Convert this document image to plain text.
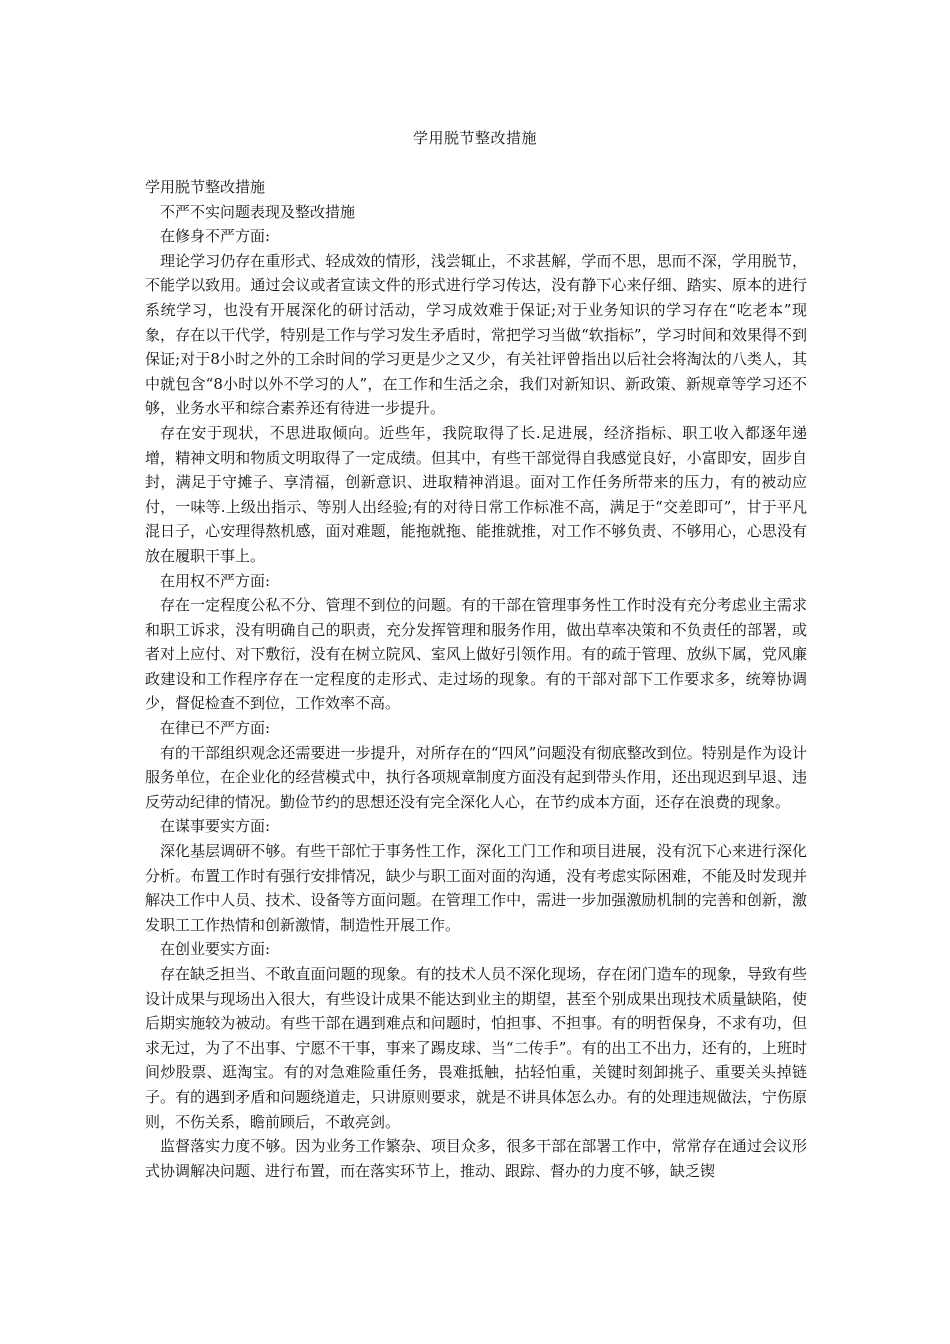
学用脱节整改措施

学用脱节整改措施

不严不实问题表现及整改措施

在修身不严方面:

理论学习仍存在重形式、轻成效的情形，浅尝辄止，不求甚解，学而不思，思而不深，学用脱节，不能学以致用。通过会议或者宣读文件的形式进行学习传达，没有静下心来仔细、踏实、原本的进行系统学习，也没有开展深化的研讨活动，学习成效难于保证;对于业务知识的学习存在“吃老本”现象，存在以干代学，特别是工作与学习发生矛盾时，常把学习当做“软指标”，学习时间和效果得不到保证;对于8小时之外的工余时间的学习更是少之又少，有关社评曾指出以后社会将淘汰的八类人，其中就包含“8小时以外不学习的人”，在工作和生活之余，我们对新知识、新政策、新规章等学习还不够，业务水平和综合素养还有待进一步提升。

存在安于现状，不思进取倾向。近些年，我院取得了长.足进展，经济指标、职工收入都逐年递增，精神文明和物质文明取得了一定成绩。但其中，有些干部觉得自我感觉良好，小富即安，固步自封，满足于守摊子、享清福，创新意识、进取精神消退。面对工作任务所带来的压力，有的被动应付，一味等.上级出指示、等别人出经验;有的对待日常工作标准不高，满足于“交差即可”，甘于平凡混日子，心安理得熬机感，面对难题，能拖就拖、能推就推，对工作不够负责、不够用心，心思没有放在履职干事上。

在用权不严方面:

存在一定程度公私不分、管理不到位的问题。有的干部在管理事务性工作时没有充分考虑业主需求和职工诉求，没有明确自己的职责，充分发挥管理和服务作用，做出草率决策和不负责任的部署，或者对上应付、对下敷衍，没有在树立院风、室风上做好引领作用。有的疏于管理、放纵下属，党风廉政建设和工作程序存在一定程度的走形式、走过场的现象。有的干部对部下工作要求多，统筹协调少，督促检查不到位，工作效率不高。

在律已不严方面:

有的干部组织观念还需要进一步提升，对所存在的“四风”问题没有彻底整改到位。特别是作为设计服务单位，在企业化的经营模式中，执行各项规章制度方面没有起到带头作用，还出现迟到早退、违反劳动纪律的情况。勤俭节约的思想还没有完全深化人心，在节约成本方面，还存在浪费的现象。

在谋事要实方面:

深化基层调研不够。有些干部忙于事务性工作，深化工门工作和项目进展，没有沉下心来进行深化分析。布置工作时有强行安排情况，缺少与职工面对面的沟通，没有考虑实际困难，不能及时发现并解决工作中人员、技术、设备等方面问题。在管理工作中，需进一步加强激励机制的完善和创新，激发职工工作热情和创新激情，制造性开展工作。

在创业要实方面:

存在缺乏担当、不敢直面问题的现象。有的技术人员不深化现场，存在闭门造车的现象，导致有些设计成果与现场出入很大，有些设计成果不能达到业主的期望，甚至个别成果出现技术质量缺陷，使后期实施较为被动。有些干部在遇到难点和问题时，怕担事、不担事。有的明哲保身，不求有功，但求无过，为了不出事、宁愿不干事，事来了踢皮球、当“二传手”。有的出工不出力，还有的，上班时间炒股票、逛淘宝。有的对急难险重任务，畏难抵触，拈轻怕重，关键时刻卸挑子、重要关头掉链子。有的遇到矛盾和问题绕道走，只讲原则要求，就是不讲具体怎么办。有的处理违规做法，宁伤原则，不伤关系，瞻前顾后，不敢亮剑。

监督落实力度不够。因为业务工作繁杂、项目众多，很多干部在部署工作中，常常存在通过会议形式协调解决问题、进行布置，而在落实环节上，推动、跟踪、督办的力度不够，缺乏锲
